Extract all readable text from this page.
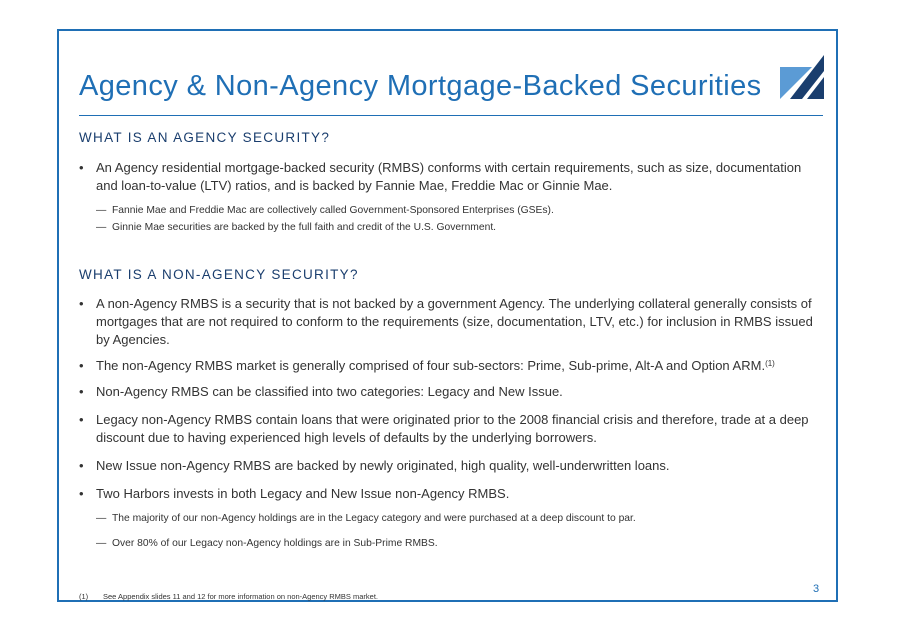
Agency & Non-Agency Mortgage-Backed Securities
WHAT IS AN AGENCY SECURITY?
• An Agency residential mortgage-backed security (RMBS) conforms with certain requirements, such as size, documentation and loan-to-value (LTV) ratios, and is backed by Fannie Mae, Freddie Mac or Ginnie Mae.
— Fannie Mae and Freddie Mac are collectively called Government-Sponsored Enterprises (GSEs).
— Ginnie Mae securities are backed by the full faith and credit of the U.S. Government.
WHAT IS A NON-AGENCY SECURITY?
• A non-Agency RMBS is a security that is not backed by a government Agency. The underlying collateral generally consists of mortgages that are not required to conform to the requirements (size, documentation, LTV, etc.) for inclusion in RMBS issued by Agencies.
• The non-Agency RMBS market is generally comprised of four sub-sectors: Prime, Sub-prime, Alt-A and Option ARM.$^{(1)}$
• Non-Agency RMBS can be classified into two categories: Legacy and New Issue.
• Legacy non-Agency RMBS contain loans that were originated prior to the 2008 financial crisis and therefore, trade at a deep discount due to having experienced high levels of defaults by the underlying borrowers.
• New Issue non-Agency RMBS are backed by newly originated, high quality, well-underwritten loans.
• Two Harbors invests in both Legacy and New Issue non-Agency RMBS.
— The majority of our non-Agency holdings are in the Legacy category and were purchased at a deep discount to par.
— Over 80% of our Legacy non-Agency holdings are in Sub-Prime RMBS.
(1) See Appendix slides 11 and 12 for more information on non-Agency RMBS market.
3
